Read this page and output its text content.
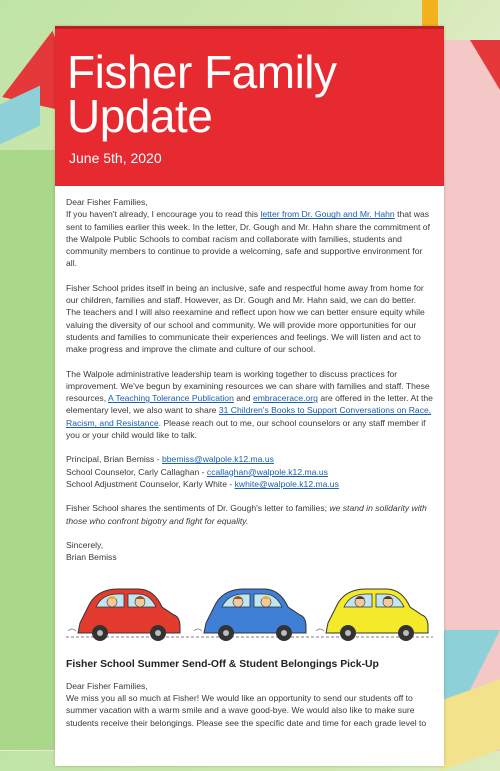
Fisher Family
Update
June 5th, 2020

Dear Fisher Families,
If you haven't already, I encourage you to read this letter from Dr. Gough and Mr. Hahn that was sent to families earlier this week. In the letter, Dr. Gough and Mr. Hahn share the commitment of the Walpole Public Schools to combat racism and collaborate with families, students and community members to continue to provide a welcoming, safe and supportive environment for all.

Fisher School prides itself in being an inclusive, safe and respectful home away from home for our children, families and staff. However, as Dr. Gough and Mr. Hahn said, we can do better. The teachers and I will also reexamine and reflect upon how we can better ensure equity while valuing the diversity of our school and community. We will provide more opportunities for our students and families to communicate their experiences and feelings. We will listen and act to make progress and improve the climate and culture of our school.

The Walpole administrative leadership team is working together to discuss practices for improvement. We've begun by examining resources we can share with families and staff. These resources, A Teaching Tolerance Publication and embracerace.org are offered in the letter. At the elementary level, we also want to share 31 Children's Books to Support Conversations on Race, Racism, and Resistance. Please reach out to me, our school counselors or any staff member if you or your child would like to talk.

Principal, Brian Bemiss - bbemiss@walpole.k12.ma.us
School Counselor, Carly Callaghan - ccallaghan@walpole.k12.ma.us
School Adjustment Counselor, Karly White - kwhite@walpole.k12.ma.us

Fisher School shares the sentiments of Dr. Gough's letter to families; we stand in solidarity with those who confront bigotry and fight for equality.

Sincerely,
Brian Bemiss

Fisher School Summer Send-Off & Student Belongings Pick-Up

Dear Fisher Families,
We miss you all so much at Fisher! We would like an opportunity to send our students off to summer vacation with a warm smile and a wave good-bye. We would also like to make sure students receive their belongings. Please see the specific date and time for each grade level to
